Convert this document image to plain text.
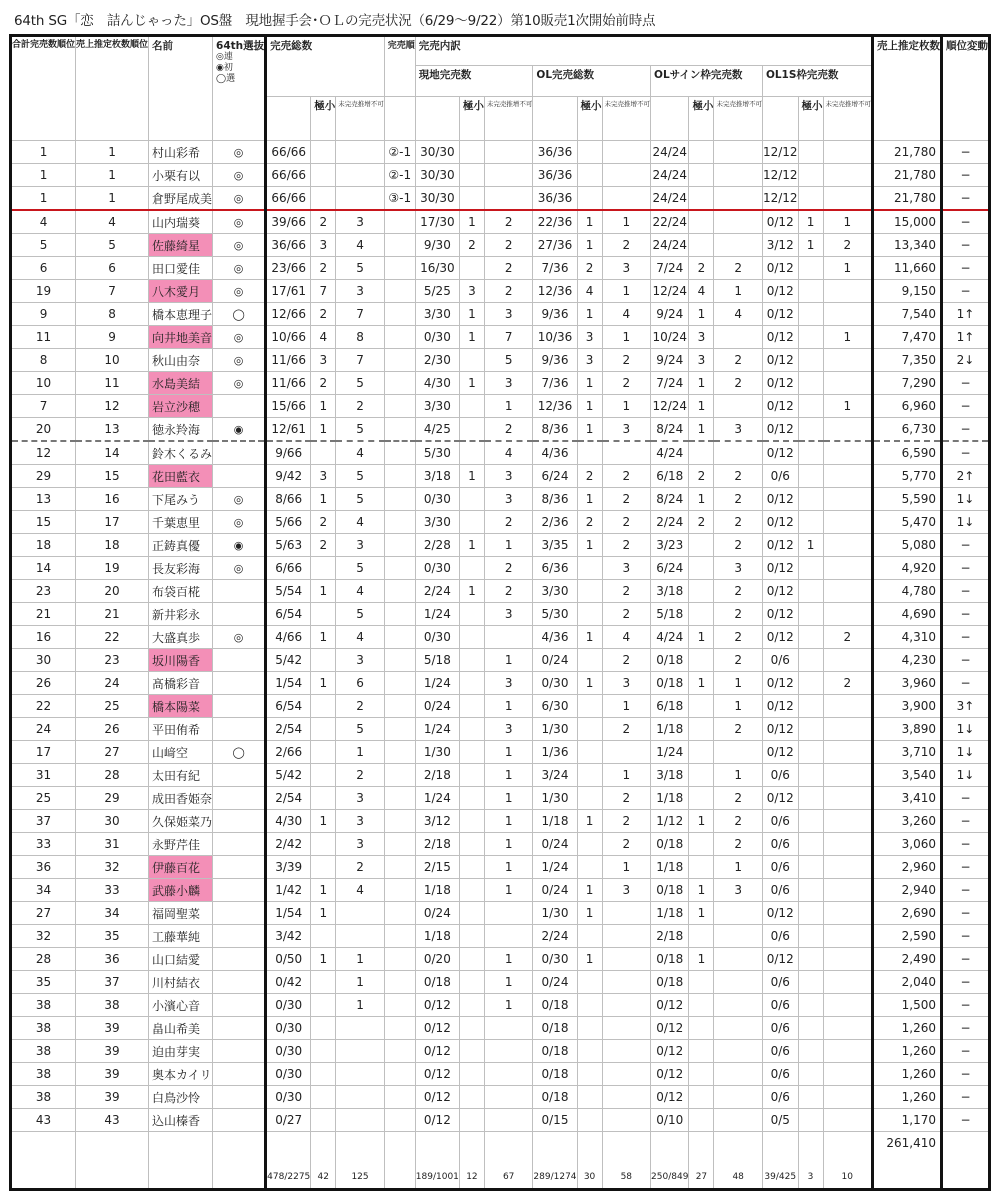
64th SG「恋　詰んじゃった」OS盤　現地握手会･ＯＬの完売状況（6/29〜9/22）第10販売1次開始前時点
合計完売数順位	売上推定枚数順位	名前	64th選抜
◎連
◉初
◯選	完売総数			完売順	完売内訳												売上推定枚数	順位変動
								現地完売数			OL完売総数			OLサイン枠完売数			OL1S枠完売数				
					極小	未完売推增不可			極小	未完売推增不可		極小	未完売推增不可		極小	未完売推增不可		極小	未完売推增不可		
1	1	村山彩希	◎	66/66			②-1	30/30			36/36			24/24			12/12			21,780	−
1	1	小栗有以	◎	66/66			②-1	30/30			36/36			24/24			12/12			21,780	−
1	1	倉野尾成美	◎	66/66			③-1	30/30			36/36			24/24			12/12			21,780	−
4	4	山内瑞葵	◎	39/66	2	3		17/30	1	2	22/36	1	1	22/24			0/12	1	1	15,000	−
5	5	佐藤綺星	◎	36/66	3	4		9/30	2	2	27/36	1	2	24/24			3/12	1	2	13,340	−
6	6	田口愛佳	◎	23/66	2	5		16/30		2	7/36	2	3	7/24	2	2	0/12		1	11,660	−
19	7	八木愛月	◎	17/61	7	3		5/25	3	2	12/36	4	1	12/24	4	1	0/12			9,150	−
9	8	橋本恵理子	◯	12/66	2	7		3/30	1	3	9/36	1	4	9/24	1	4	0/12			7,540	1↑
11	9	向井地美音	◎	10/66	4	8		0/30	1	7	10/36	3	1	10/24	3		0/12		1	7,470	1↑
8	10	秋山由奈	◎	11/66	3	7		2/30		5	9/36	3	2	9/24	3	2	0/12			7,350	2↓
10	11	水島美結	◎	11/66	2	5		4/30	1	3	7/36	1	2	7/24	1	2	0/12			7,290	−
7	12	岩立沙穂		15/66	1	2		3/30		1	12/36	1	1	12/24	1		0/12		1	6,960	−
20	13	徳永羚海	◉	12/61	1	5		4/25		2	8/36	1	3	8/24	1	3	0/12			6,730	−
12	14	鈴木くるみ		9/66		4		5/30		4	4/36			4/24			0/12			6,590	−
29	15	花田藍衣		9/42	3	5		3/18	1	3	6/24	2	2	6/18	2	2	0/6			5,770	2↑
13	16	下尾みう	◎	8/66	1	5		0/30		3	8/36	1	2	8/24	1	2	0/12			5,590	1↓
15	17	千葉恵里	◎	5/66	2	4		3/30		2	2/36	2	2	2/24	2	2	0/12			5,470	1↓
18	18	正鋳真優	◉	5/63	2	3		2/28	1	1	3/35	1	2	3/23		2	0/12	1		5,080	−
14	19	長友彩海	◎	6/66		5		0/30		2	6/36		3	6/24		3	0/12			4,920	−
23	20	布袋百椛		5/54	1	4		2/24	1	2	3/30		2	3/18		2	0/12			4,780	−
21	21	新井彩永		6/54		5		1/24		3	5/30		2	5/18		2	0/12			4,690	−
16	22	大盛真歩	◎	4/66	1	4		0/30			4/36	1	4	4/24	1	2	0/12		2	4,310	−
30	23	坂川陽香		5/42		3		5/18		1	0/24		2	0/18		2	0/6			4,230	−
26	24	髙橋彩音		1/54	1	6		1/24		3	0/30	1	3	0/18	1	1	0/12		2	3,960	−
22	25	橋本陽菜		6/54		2		0/24		1	6/30		1	6/18		1	0/12			3,900	3↑
24	26	平田侑希		2/54		5		1/24		3	1/30		2	1/18		2	0/12			3,890	1↓
17	27	山﨑空	◯	2/66		1		1/30		1	1/36			1/24			0/12			3,710	1↓
31	28	太田有紀		5/42		2		2/18		1	3/24		1	3/18		1	0/6			3,540	1↓
25	29	成田香姫奈		2/54		3		1/24		1	1/30		2	1/18		2	0/12			3,410	−
37	30	久保姫菜乃		4/30	1	3		3/12		1	1/18	1	2	1/12	1	2	0/6			3,260	−
33	31	永野芹佳		2/42		3		2/18		1	0/24		2	0/18		2	0/6			3,060	−
36	32	伊藤百花		3/39		2		2/15		1	1/24		1	1/18		1	0/6			2,960	−
34	33	武藤小麟		1/42	1	4		1/18		1	0/24	1	3	0/18	1	3	0/6			2,940	−
27	34	福岡聖菜		1/54	1			0/24			1/30	1		1/18	1		0/12			2,690	−
32	35	工藤華純		3/42				1/18			2/24			2/18			0/6			2,590	−
28	36	山口結愛		0/50	1	1		0/20		1	0/30	1		0/18	1		0/12			2,490	−
35	37	川村結衣		0/42		1		0/18		1	0/24			0/18			0/6			2,040	−
38	38	小濱心音		0/30		1		0/12		1	0/18			0/12			0/6			1,500	−
38	39	畠山希美		0/30				0/12			0/18			0/12			0/6			1,260	−
38	39	迫由芽実		0/30				0/12			0/18			0/12			0/6			1,260	−
38	39	奥本カイリ		0/30				0/12			0/18			0/12			0/6			1,260	−
38	39	白鳥沙怜		0/30				0/12			0/18			0/12			0/6			1,260	−
43	43	込山榛香		0/27				0/12			0/15			0/10			0/5			1,170	−
				478/2275	42	125		189/1001	12	67	289/1274	30	58	250/849	27	48	39/425	3	10	261,410	
